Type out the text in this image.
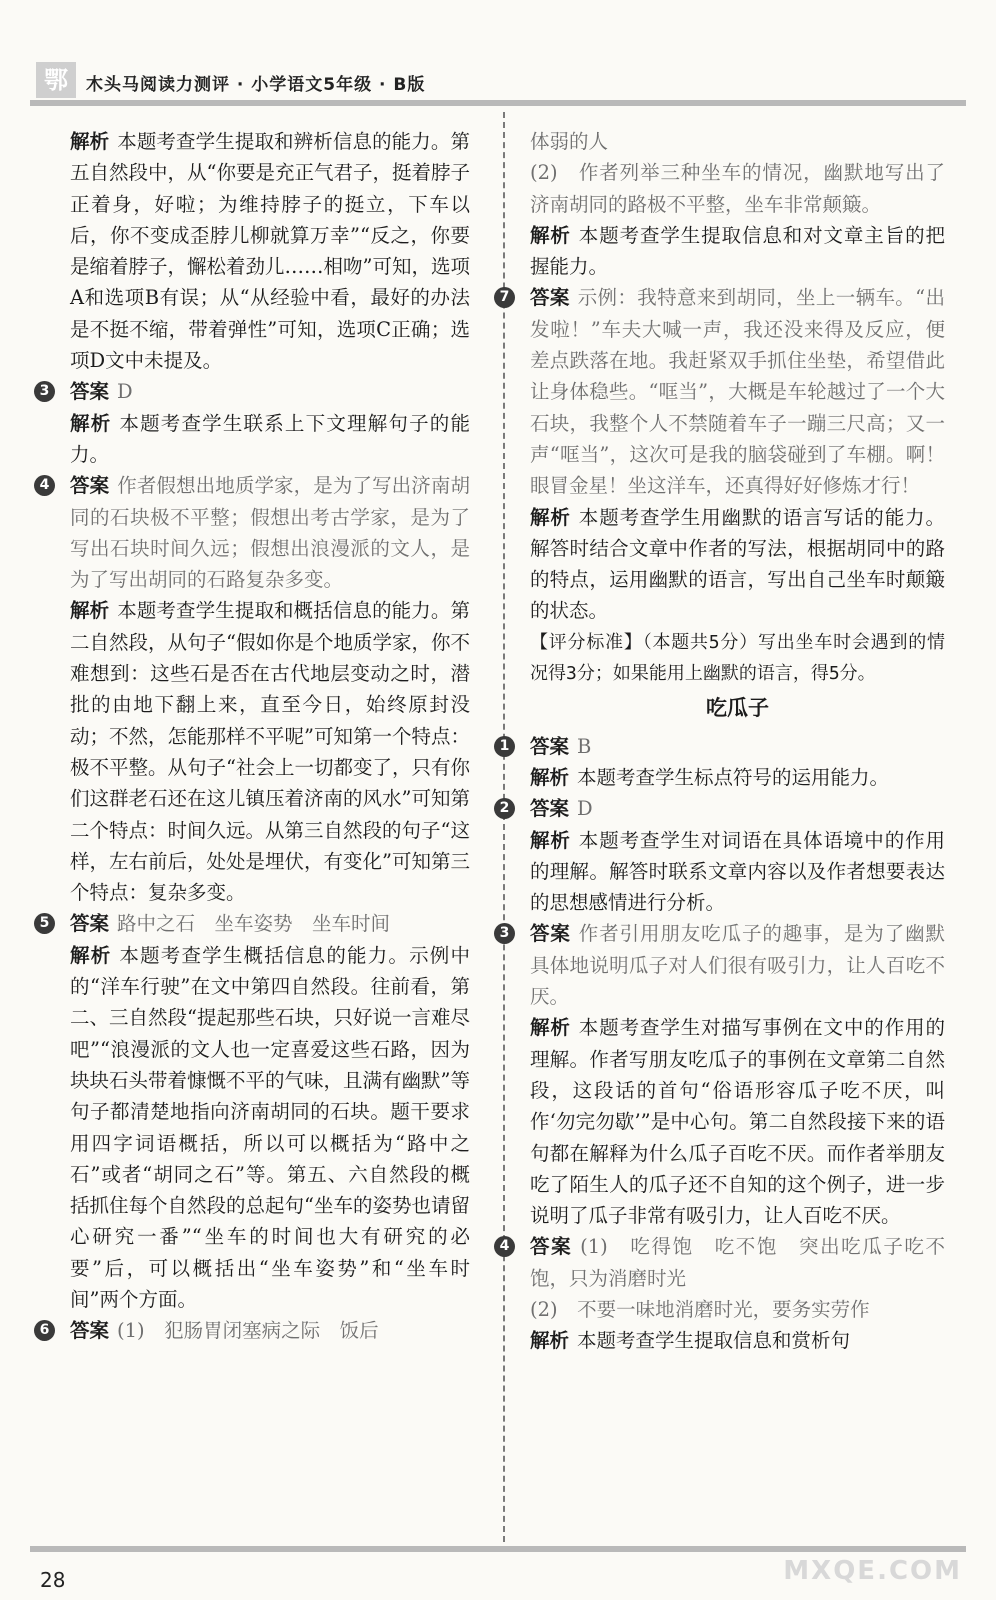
鄂	木头马阅读力测评 · 小学语文5年级 · B版

解析 本题考查学生提取和辨析信息的能力。第五自然段中，从“你要是充正气君子，挺着脖子正着身，好啦；为维持脖子的挺立，下车以后，你不变成歪脖儿柳就算万幸”“反之，你要是缩着脖子，懈松着劲儿……相吻”可知，选项A和选项B有误；从“从经验中看，最好的办法是不挺不缩，带着弹性”可知，选项C正确；选项D文中未提及。

3 答案 D

解析 本题考查学生联系上下文理解句子的能力。

4 答案 作者假想出地质学家，是为了写出济南胡同的石块极不平整；假想出考古学家，是为了写出石块时间久远；假想出浪漫派的文人，是为了写出胡同的石路复杂多变。

解析 本题考查学生提取和概括信息的能力。第二自然段，从句子“假如你是个地质学家，你不难想到：这些石是否在古代地层变动之时，潜批的由地下翻上来，直至今日，始终原封没动；不然，怎能那样不平呢”可知第一个特点：极不平整。从句子“社会上一切都变了，只有你们这群老石还在这儿镇压着济南的风水”可知第二个特点：时间久远。从第三自然段的句子“这样，左右前后，处处是埋伏，有变化”可知第三个特点：复杂多变。

5 答案 路中之石　坐车姿势　坐车时间

解析 本题考查学生概括信息的能力。示例中的“洋车行驶”在文中第四自然段。往前看，第二、三自然段“提起那些石块，只好说一言难尽吧”“浪漫派的文人也一定喜爱这些石路，因为块块石头带着慷慨不平的气味，且满有幽默”等句子都清楚地指向济南胡同的石块。题干要求用四字词语概括，所以可以概括为“路中之石”或者“胡同之石”等。第五、六自然段的概括抓住每个自然段的总起句“坐车的姿势也请留心研究一番”“坐车的时间也大有研究的必要”后，可以概括出“坐车姿势”和“坐车时间”两个方面。

6 答案 (1)　犯肠胃闭塞病之际　饭后

体弱的人

(2)　作者列举三种坐车的情况，幽默地写出了济南胡同的路极不平整，坐车非常颠簸。

解析 本题考查学生提取信息和对文章主旨的把握能力。

7 答案 示例：我特意来到胡同，坐上一辆车。“出发啦！”车夫大喊一声，我还没来得及反应，便差点跌落在地。我赶紧双手抓住坐垫，希望借此让身体稳些。“哐当”，大概是车轮越过了一个大石块，我整个人不禁随着车子一蹦三尺高；又一声“哐当”，这次可是我的脑袋碰到了车棚。啊！眼冒金星！坐这洋车，还真得好好修炼才行！

解析 本题考查学生用幽默的语言写话的能力。解答时结合文章中作者的写法，根据胡同中的路的特点，运用幽默的语言，写出自己坐车时颠簸的状态。

【评分标准】（本题共5分）写出坐车时会遇到的情况得3分；如果能用上幽默的语言，得5分。

吃瓜子
1 答案 B

解析 本题考查学生标点符号的运用能力。

2 答案 D

解析 本题考查学生对词语在具体语境中的作用的理解。解答时联系文章内容以及作者想要表达的思想感情进行分析。

3 答案 作者引用朋友吃瓜子的趣事，是为了幽默具体地说明瓜子对人们很有吸引力，让人百吃不厌。

解析 本题考查学生对描写事例在文中的作用的理解。作者写朋友吃瓜子的事例在文章第二自然段，这段话的首句“俗语形容瓜子吃不厌，叫作‘勿完勿歇’”是中心句。第二自然段接下来的语句都在解释为什么瓜子百吃不厌。而作者举朋友吃了陌生人的瓜子还不自知的这个例子，进一步说明了瓜子非常有吸引力，让人百吃不厌。

4 答案 (1)　吃得饱　吃不饱　突出吃瓜子吃不饱，只为消磨时光

(2)　不要一味地消磨时光，要务实劳作

解析 本题考查学生提取信息和赏析句

28	MXQE.COM
